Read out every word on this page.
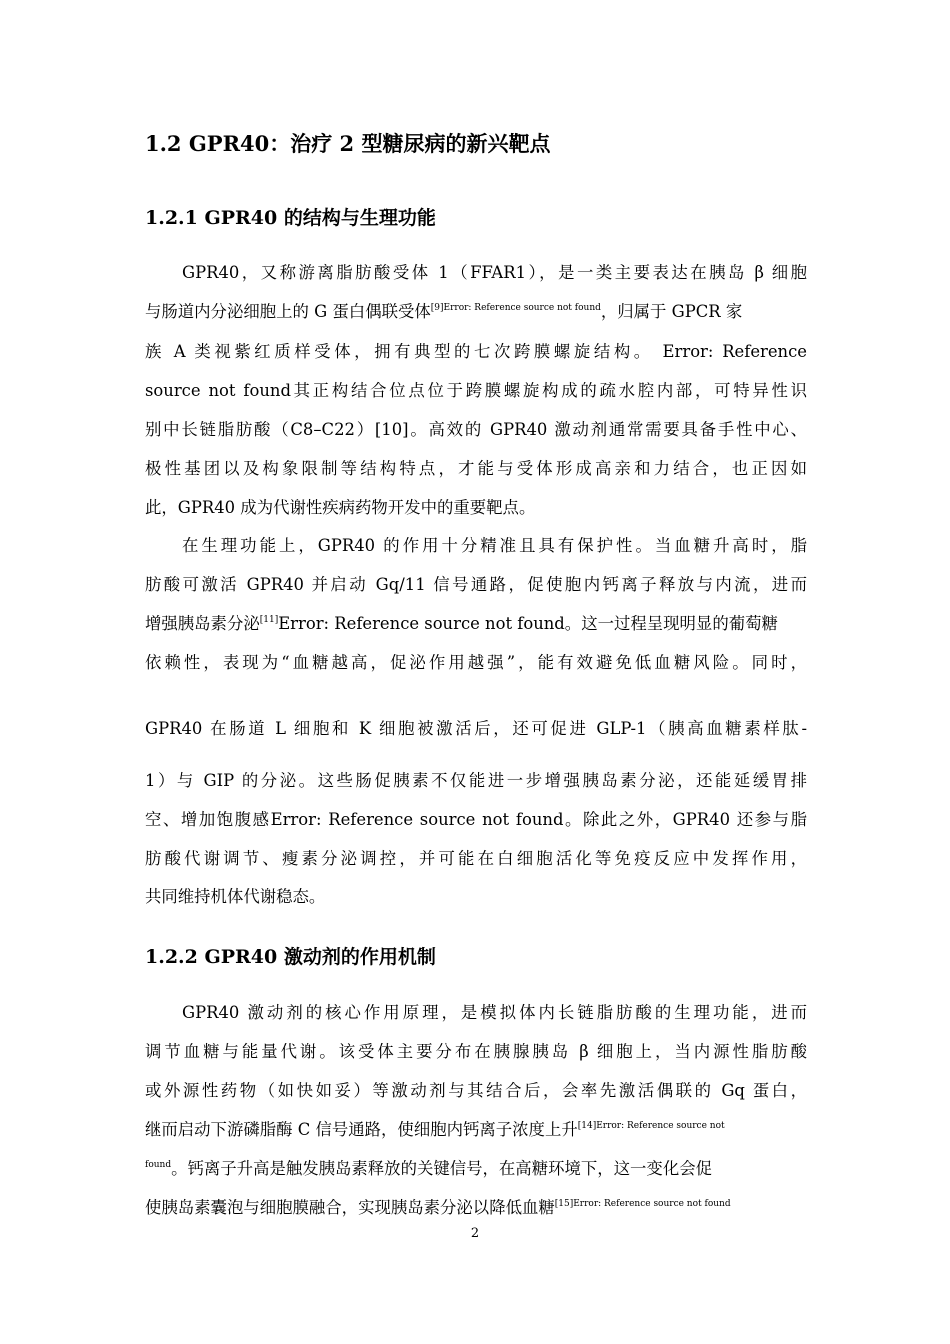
1.2 GPR40：治疗 2 型糖尿病的新兴靶点
1.2.1 GPR40 的结构与生理功能
GPR40，又称游离脂肪酸受体 1（FFAR1），是一类主要表达在胰岛 β 细胞
与肠道内分泌细胞上的 G 蛋白偶联受体$^{[9]Error: Reference source not found}$，归属于 GPCR 家
族 A 类视紫红质样受体，拥有典型的七次跨膜螺旋结构。 Error: Reference
source not found其正构结合位点位于跨膜螺旋构成的疏水腔内部，可特异性识
别中长链脂肪酸（C8–C22）[10]。高效的 GPR40 激动剂通常需要具备手性中心、
极性基团以及构象限制等结构特点，才能与受体形成高亲和力结合，也正因如
此，GPR40 成为代谢性疾病药物开发中的重要靶点。
在生理功能上，GPR40 的作用十分精准且具有保护性。当血糖升高时，脂
肪酸可激活 GPR40 并启动 Gq/11 信号通路，促使胞内钙离子释放与内流，进而
增强胰岛素分泌[11]Error: Reference source not found。这一过程呈现明显的葡萄糖
依赖性，表现为“血糖越高，促泌作用越强”，能有效避免低血糖风险。同时，
GPR40 在肠道 L 细胞和 K 细胞被激活后，还可促进 GLP-1（胰高血糖素样肽-
1）与 GIP 的分泌。这些肠促胰素不仅能进一步增强胰岛素分泌，还能延缓胃排
空、增加饱腹感Error: Reference source not found。除此之外，GPR40 还参与脂
肪酸代谢调节、瘦素分泌调控，并可能在白细胞活化等免疫反应中发挥作用，
共同维持机体代谢稳态。
1.2.2 GPR40 激动剂的作用机制
GPR40 激动剂的核心作用原理，是模拟体内长链脂肪酸的生理功能，进而
调节血糖与能量代谢。该受体主要分布在胰腺胰岛 β 细胞上，当内源性脂肪酸
或外源性药物（如快如妥）等激动剂与其结合后，会率先激活偶联的 Gq 蛋白，
继而启动下游磷脂酶 C 信号通路，使细胞内钙离子浓度上升$^{[14]Error: Reference source not}$
$^{found}$。钙离子升高是触发胰岛素释放的关键信号，在高糖环境下，这一变化会促
使胰岛素囊泡与细胞膜融合，实现胰岛素分泌以降低血糖$^{[15]Error: Reference source not found}$
2
